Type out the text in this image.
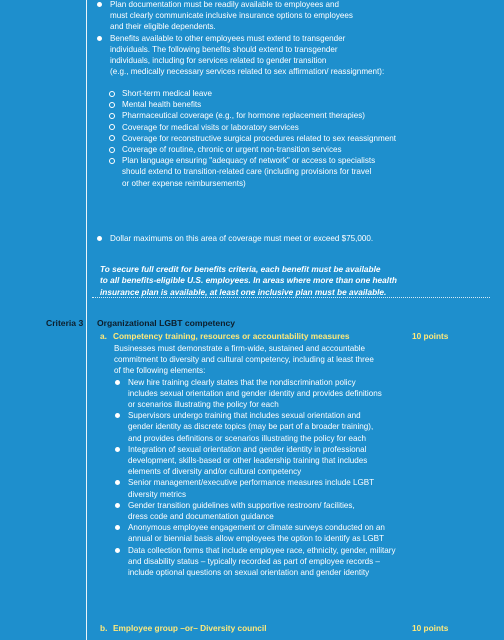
Plan documentation must be readily available to employees and
must clearly communicate inclusive insurance options to employees
and their eligible dependents.
Benefits available to other employees must extend to transgender
individuals. The following benefits should extend to transgender
individuals, including for services related to gender transition
(e.g., medically necessary services related to sex affirmation/ reassignment):
Short-term medical leave
Mental health benefits
Pharmaceutical coverage (e.g., for hormone replacement therapies)
Coverage for medical visits or laboratory services
Coverage for reconstructive surgical procedures related to sex reassignment
Coverage of routine, chronic or urgent non-transition services
Plan language ensuring "adequacy of network" or access to specialists
should extend to transition-related care (including provisions for travel
or other expense reimbursements)
Dollar maximums on this area of coverage must meet or exceed $75,000.
To secure full credit for benefits criteria, each benefit must be available
to all benefits-eligible U.S. employees. In areas where more than one health
insurance plan is available, at least one inclusive plan must be available.
Criteria 3 Organizational LGBT competency
a. Competency training, resources or accountability measures	10 points
Businesses must demonstrate a firm-wide, sustained and accountable
commitment to diversity and cultural competency, including at least three
of the following elements:
New hire training clearly states that the nondiscrimination policy
includes sexual orientation and gender identity and provides definitions
or scenarios illustrating the policy for each
Supervisors undergo training that includes sexual orientation and
gender identity as discrete topics (may be part of a broader training),
and provides definitions or scenarios illustrating the policy for each
Integration of sexual orientation and gender identity in professional
development, skills-based or other leadership training that includes
elements of diversity and/or cultural competency
Senior management/executive performance measures include LGBT
diversity metrics
Gender transition guidelines with supportive restroom/ facilities,
dress code and documentation guidance
Anonymous employee engagement or climate surveys conducted on an
annual or biennial basis allow employees the option to identify as LGBT
Data collection forms that include employee race, ethnicity, gender, military
and disability status – typically recorded as part of employee records –
include optional questions on sexual orientation and gender identity
b. Employee group –or– Diversity council	10 points
